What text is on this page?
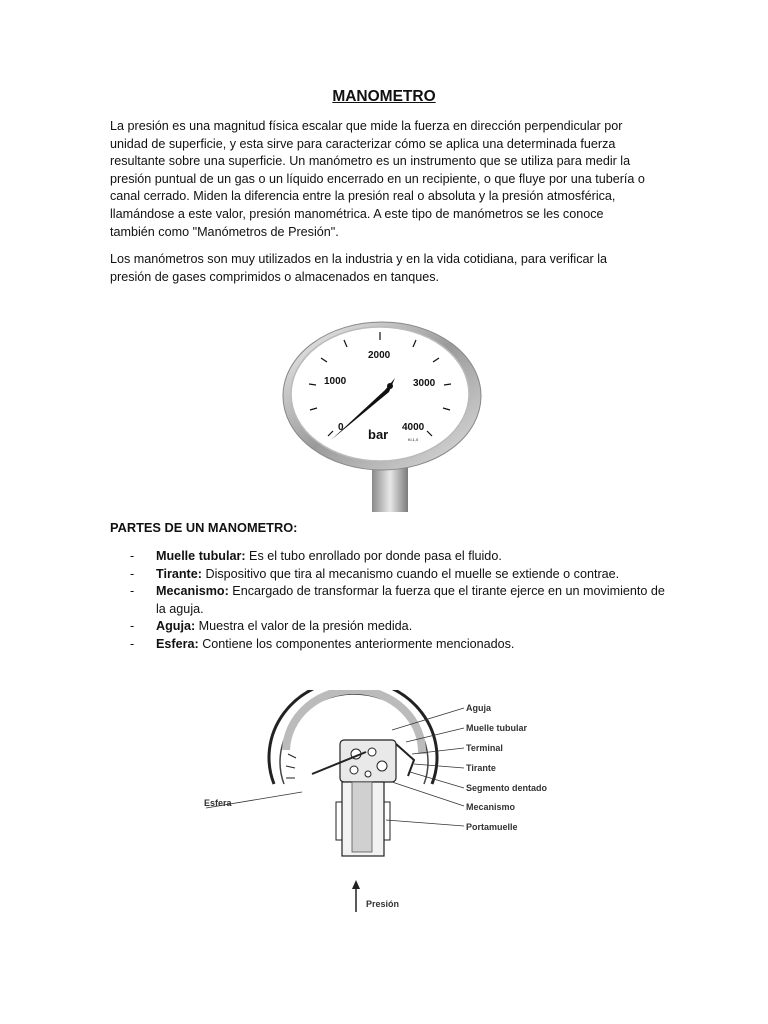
MANOMETRO

La presión es una magnitud física escalar que mide la fuerza en dirección perpendicular por unidad de superficie, y esta sirve para caracterizar cómo se aplica una determinada fuerza resultante sobre una superficie. Un manómetro es un instrumento que se utiliza para medir la presión puntual de un gas o un líquido encerrado en un recipiente, o que fluye por una tubería o canal cerrado. Miden la diferencia entre la presión real o absoluta y la presión atmosférica, llamándose a este valor, presión manométrica. A este tipo de manómetros se les conoce también como "Manómetros de Presión".

Los manómetros son muy utilizados en la industria y en la vida cotidiana, para verificar la presión de gases comprimidos o almacenados en tanques.

0
1000
2000
3000
4000
bar	Kl.1,0
PARTES DE UN MANOMETRO:
- Muelle tubular: Es el tubo enrollado por donde pasa el fluido.
- Tirante: Dispositivo que tira al mecanismo cuando el muelle se extiende o contrae.
- Mecanismo: Encargado de transformar la fuerza que el tirante ejerce en un movimiento de la aguja.
- Aguja: Muestra el valor de la presión medida.
- Esfera: Contiene los componentes anteriormente mencionados.
Aguja
Muelle tubular
Terminal
Tirante
Segmento dentado
Mecanismo
Portamuelle
Esfera
Presión
